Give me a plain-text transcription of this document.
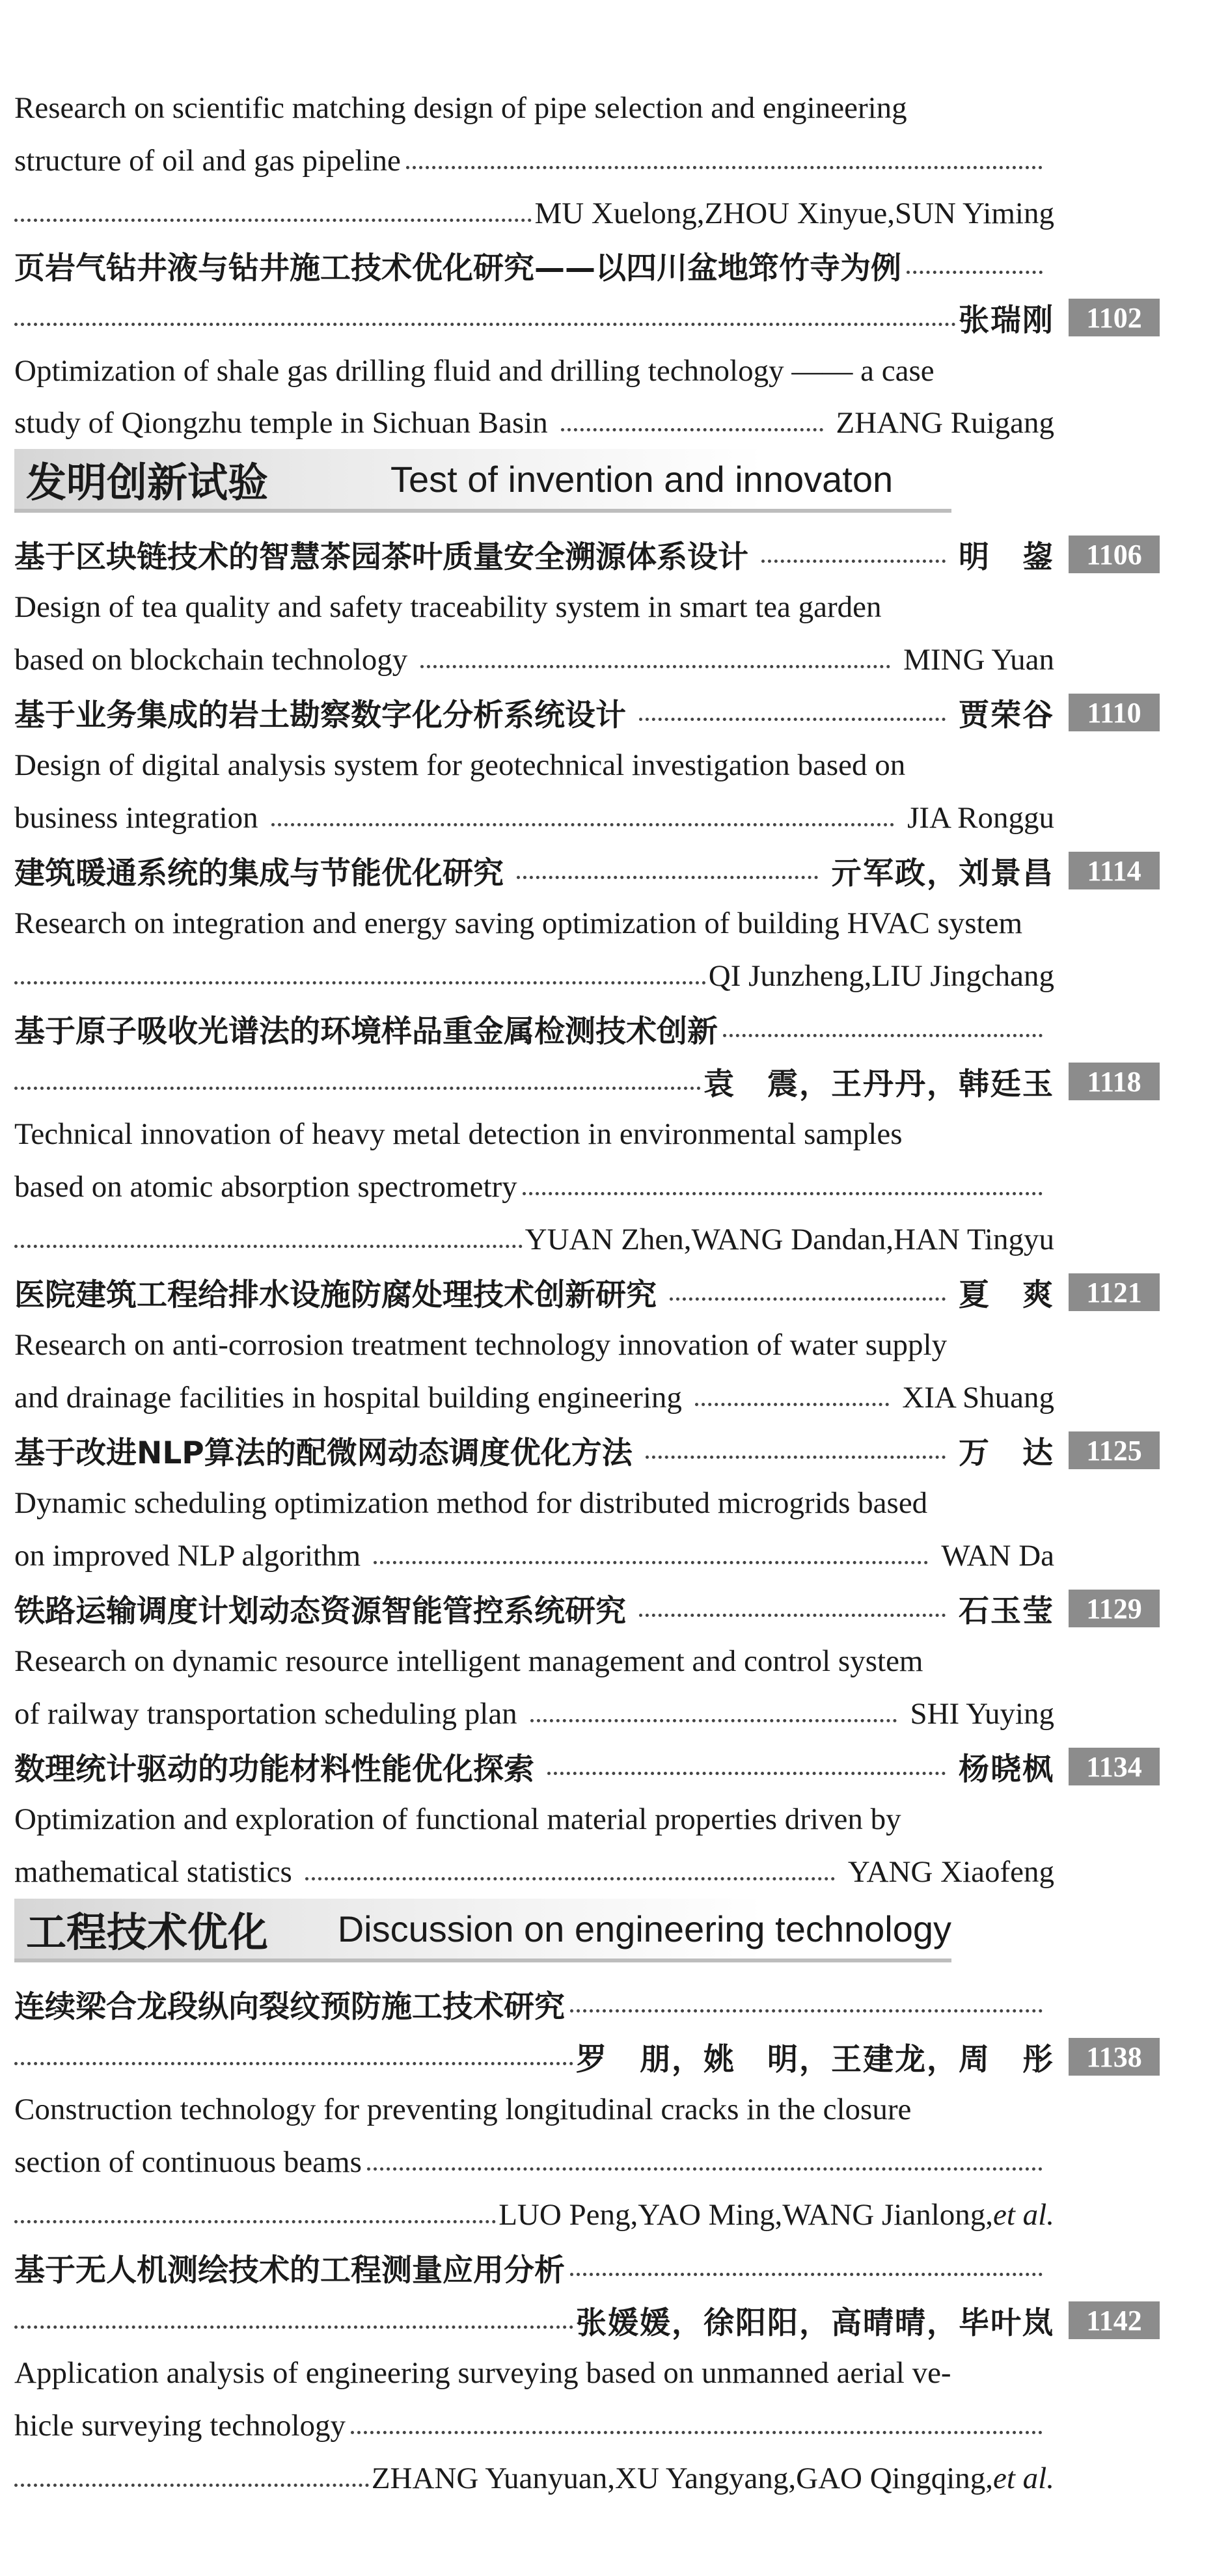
Research on scientific matching design of pipe selection and engineering
structure of oil and gas pipeline
MU Xuelong,ZHOU Xinyue,SUN Yiming
页岩气钻井液与钻井施工技术优化研究——以四川盆地筇竹寺为例
张瑞刚	1102
Optimization of shale gas drilling fluid and drilling technology —— a case
study of Qiongzhu temple in Sichuan Basin	ZHANG Ruigang
发明创新试验	Test of invention and innovaton
基于区块链技术的智慧茶园茶叶质量安全溯源体系设计	明　鋆	1106
Design of tea quality and safety traceability system in smart tea garden
based on blockchain technology	MING Yuan
基于业务集成的岩土勘察数字化分析系统设计	贾荣谷	1110
Design of digital analysis system for geotechnical investigation based on
business integration	JIA Ronggu
建筑暖通系统的集成与节能优化研究	亓军政，刘景昌	1114
Research on integration and energy saving optimization of building HVAC system
QI Junzheng,LIU Jingchang
基于原子吸收光谱法的环境样品重金属检测技术创新
袁　震，王丹丹，韩廷玉	1118
Technical innovation of heavy metal detection in environmental samples
based on atomic absorption spectrometry
YUAN Zhen,WANG Dandan,HAN Tingyu
医院建筑工程给排水设施防腐处理技术创新研究	夏　爽	1121
Research on anti-corrosion treatment technology innovation of water supply
and drainage facilities in hospital building engineering	XIA Shuang
基于改进NLP算法的配微网动态调度优化方法	万　达	1125
Dynamic scheduling optimization method for distributed microgrids based
on improved NLP algorithm	WAN Da
铁路运输调度计划动态资源智能管控系统研究	石玉莹	1129
Research on dynamic resource intelligent management and control system
of railway transportation scheduling plan	SHI Yuying
数理统计驱动的功能材料性能优化探索	杨晓枫	1134
Optimization and exploration of functional material properties driven by
mathematical statistics	YANG Xiaofeng
工程技术优化	Discussion on engineering technology
连续梁合龙段纵向裂纹预防施工技术研究
罗　朋，姚　明，王建龙，周　彤	1138
Construction technology for preventing longitudinal cracks in the closure
section of continuous beams
LUO Peng,YAO Ming,WANG Jianlong, et al.
基于无人机测绘技术的工程测量应用分析
张媛媛，徐阳阳，高晴晴，毕叶岚	1142
Application analysis of engineering surveying based on unmanned aerial ve-
hicle surveying technology
ZHANG Yuanyuan,XU Yangyang,GAO Qingqing, et al.
